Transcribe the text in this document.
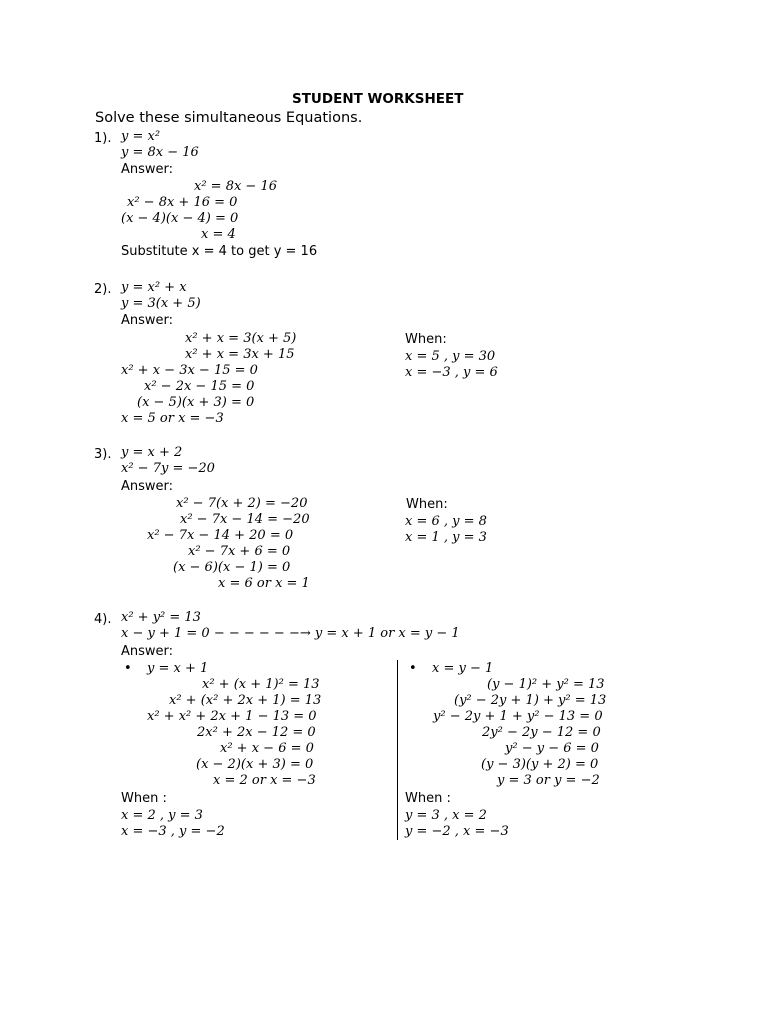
STUDENT WORKSHEET
Solve these simultaneous Equations.
1). y = x²
y = 8x − 16
Answer:
x² = 8x − 16
x² − 8x + 16 = 0
(x − 4)(x − 4) = 0
x = 4
Substitute x = 4 to get y = 16
2). y = x² + x
y = 3(x + 5)
Answer:
x² + x = 3(x + 5)
x² + x = 3x + 15
x² + x − 3x − 15 = 0
x² − 2x − 15 = 0
(x − 5)(x + 3) = 0
x = 5 or x = −3
When:
x = 5 , y = 30
x = −3 , y = 6
3). y = x + 2
x² − 7y = −20
Answer:
x² − 7(x + 2) = −20
x² − 7x − 14 = −20
x² − 7x − 14 + 20 = 0
x² − 7x + 6 = 0
(x − 6)(x − 1) = 0
x = 6 or x = 1
When:
x = 6 , y = 8
x = 1 , y = 3
4). x² + y² = 13
x − y + 1 = 0 − − − − − −→ y = x + 1 or x = y − 1
Answer:
• y = x + 1
x² + (x + 1)² = 13
x² + (x² + 2x + 1) = 13
x² + x² + 2x + 1 − 13 = 0
2x² + 2x − 12 = 0
x² + x − 6 = 0
(x − 2)(x + 3) = 0
x = 2 or x = −3
When :
x = 2 , y = 3
x = −3 , y = −2
• x = y − 1
(y − 1)² + y² = 13
(y² − 2y + 1) + y² = 13
y² − 2y + 1 + y² − 13 = 0
2y² − 2y − 12 = 0
y² − y − 6 = 0
(y − 3)(y + 2) = 0
y = 3 or y = −2
When :
y = 3 , x = 2
y = −2 , x = −3
